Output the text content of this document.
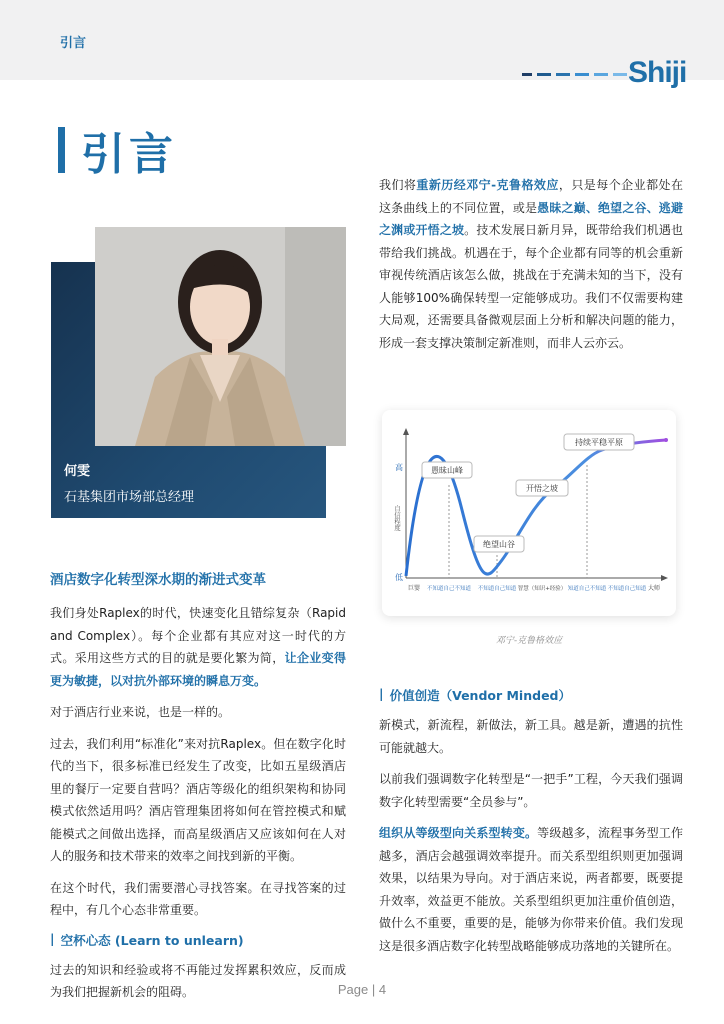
引言
Shiji
引言
何雯
石基集团市场部总经理

我们将重新历经邓宁-克鲁格效应，只是每个企业都处在这条曲线上的不同位置，或是愚昧之巅、绝望之谷、逃避之渊或开悟之坡。技术发展日新月异，既带给我们机遇也带给我们挑战。机遇在于，每个企业都有同等的机会重新审视传统酒店该怎么做，挑战在于充满未知的当下，没有人能够100%确保转型一定能够成功。我们不仅需要构建大局观，还需要具备微观层面上分析和解决问题的能力，形成一套支撑决策制定新准则，而非人云亦云。

高
低
自信程度
愚昧山峰
绝望山谷
开悟之坡
持续平稳平原
巨婴 不知道自己不知道 不知道自己知道 智慧（知识+经验） 知道自己不知道 不知道自己知道 大师
邓宁-克鲁格效应
酒店数字化转型深水期的渐进式变革

我们身处Raplex的时代，快速变化且错综复杂（Rapid and Complex）。每个企业都有其应对这一时代的方式。采用这些方式的目的就是要化繁为简，让企业变得更为敏捷，以对抗外部环境的瞬息万变。

对于酒店行业来说，也是一样的。

过去，我们利用“标准化”来对抗Raplex。但在数字化时代的当下，很多标准已经发生了改变，比如五星级酒店里的餐厅一定要自营吗？酒店等级化的组织架构和协同模式依然适用吗？酒店管理集团将如何在管控模式和赋能模式之间做出选择，而高星级酒店又应该如何在人对人的服务和技术带来的效率之间找到新的平衡。

在这个时代，我们需要潜心寻找答案。在寻找答案的过程中，有几个心态非常重要。

| 空杯心态 (Learn to unlearn)

过去的知识和经验或将不再能过发挥累积效应，反而成为我们把握新机会的阻碍。

| 价值创造（Vendor Minded）

新模式，新流程，新做法，新工具。越是新，遭遇的抗性可能就越大。

以前我们强调数字化转型是“一把手”工程，今天我们强调数字化转型需要“全员参与”。

组织从等级型向关系型转变。等级越多，流程事务型工作越多，酒店会越强调效率提升。而关系型组织则更加强调效果，以结果为导向。对于酒店来说，两者都要，既要提升效率，效益更不能放。关系型组织更加注重价值创造，做什么不重要，重要的是，能够为你带来价值。我们发现这是很多酒店数字化转型战略能够成功落地的关键所在。

Page | 4
